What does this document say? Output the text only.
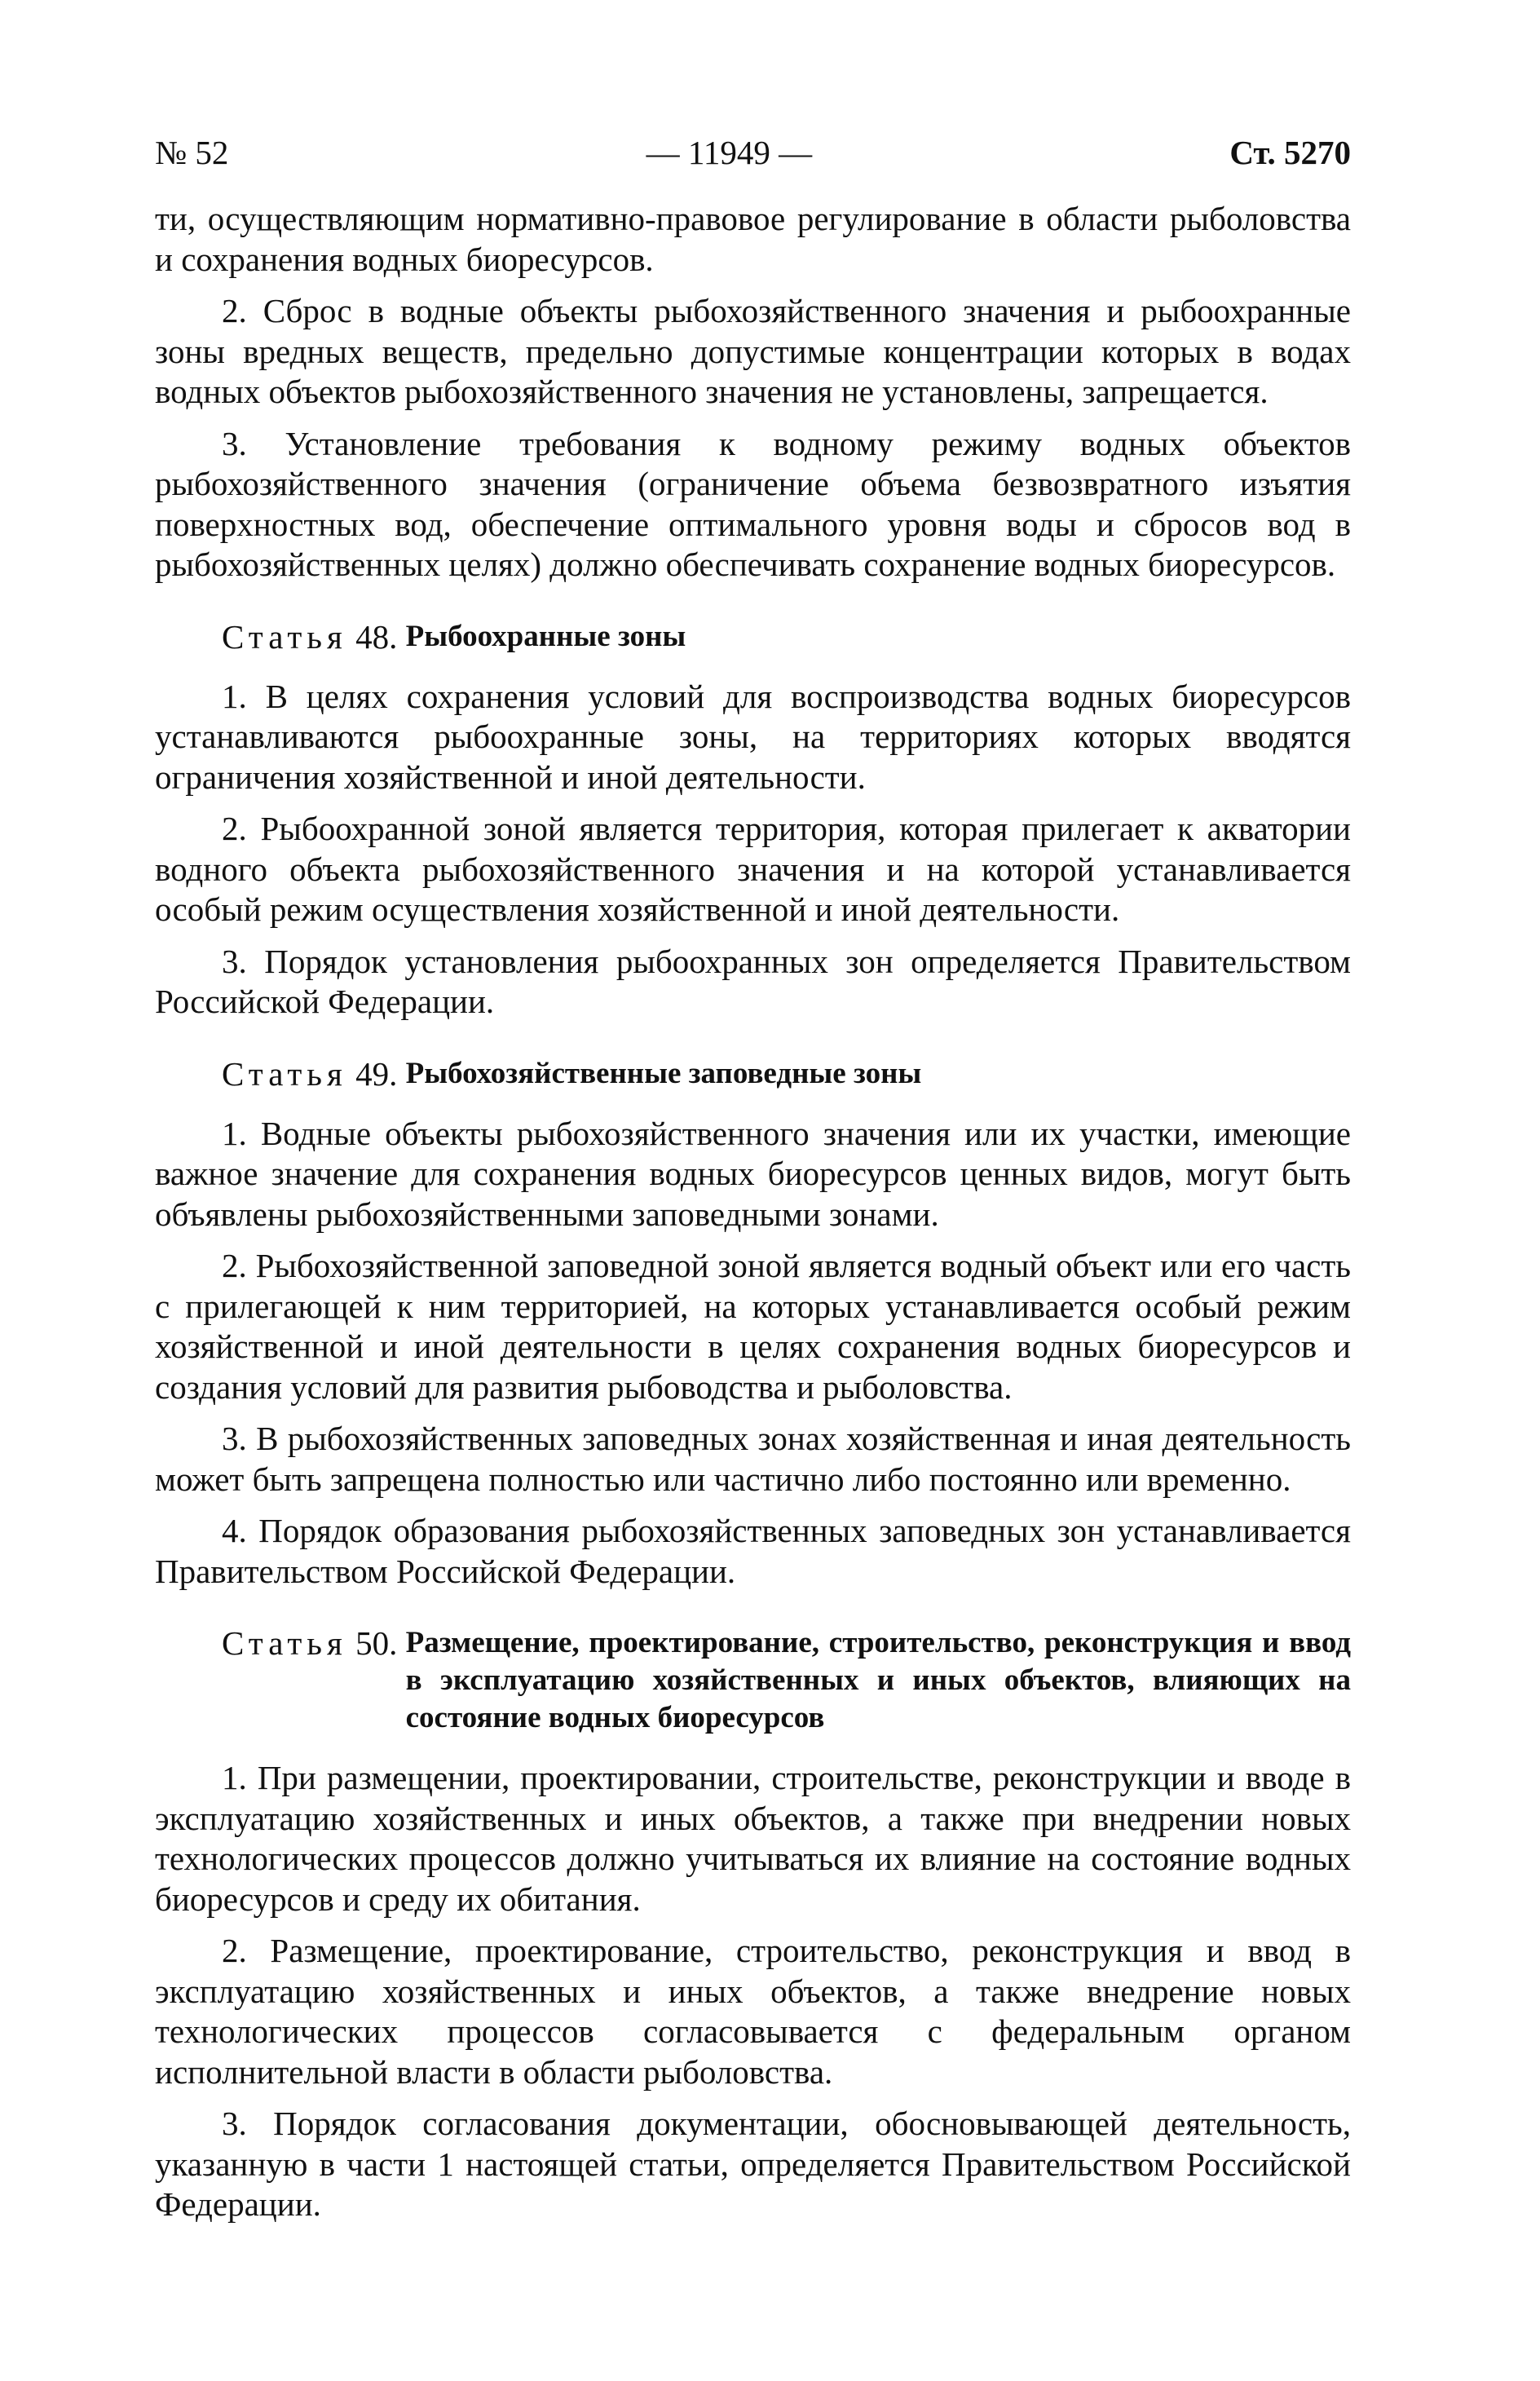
№ 52	— 11949 —	Ст. 5270

ти, осуществляющим нормативно-правовое регулирование в области рыболовства и сохранения водных биоресурсов.

2. Сброс в водные объекты рыбохозяйственного значения и рыбоохранные зоны вредных веществ, предельно допустимые концентрации которых в водах водных объектов рыбохозяйственного значения не установлены, запрещается.

3. Установление требования к водному режиму водных объектов рыбохозяйственного значения (ограничение объема безвозвратного изъятия поверхностных вод, обеспечение оптимального уровня воды и сбросов вод в рыбохозяйственных целях) должно обеспечивать сохранение водных биоресурсов.

Статья 48. Рыбоохранные зоны

1. В целях сохранения условий для воспроизводства водных биоресурсов устанавливаются рыбоохранные зоны, на территориях которых вводятся ограничения хозяйственной и иной деятельности.

2. Рыбоохранной зоной является территория, которая прилегает к акватории водного объекта рыбохозяйственного значения и на которой устанавливается особый режим осуществления хозяйственной и иной деятельности.

3. Порядок установления рыбоохранных зон определяется Правительством Российской Федерации.

Статья 49. Рыбохозяйственные заповедные зоны

1. Водные объекты рыбохозяйственного значения или их участки, имеющие важное значение для сохранения водных биоресурсов ценных видов, могут быть объявлены рыбохозяйственными заповедными зонами.

2. Рыбохозяйственной заповедной зоной является водный объект или его часть с прилегающей к ним территорией, на которых устанавливается особый режим хозяйственной и иной деятельности в целях сохранения водных биоресурсов и создания условий для развития рыбоводства и рыболовства.

3. В рыбохозяйственных заповедных зонах хозяйственная и иная деятельность может быть запрещена полностью или частично либо постоянно или временно.

4. Порядок образования рыбохозяйственных заповедных зон устанавливается Правительством Российской Федерации.

Статья 50. Размещение, проектирование, строительство, реконструкция и ввод в эксплуатацию хозяйственных и иных объектов, влияющих на состояние водных биоресурсов

1. При размещении, проектировании, строительстве, реконструкции и вводе в эксплуатацию хозяйственных и иных объектов, а также при внедрении новых технологических процессов должно учитываться их влияние на состояние водных биоресурсов и среду их обитания.

2. Размещение, проектирование, строительство, реконструкция и ввод в эксплуатацию хозяйственных и иных объектов, а также внедрение новых технологических процессов согласовывается с федеральным органом исполнительной власти в области рыболовства.

3. Порядок согласования документации, обосновывающей деятельность, указанную в части 1 настоящей статьи, определяется Правительством Российской Федерации.
